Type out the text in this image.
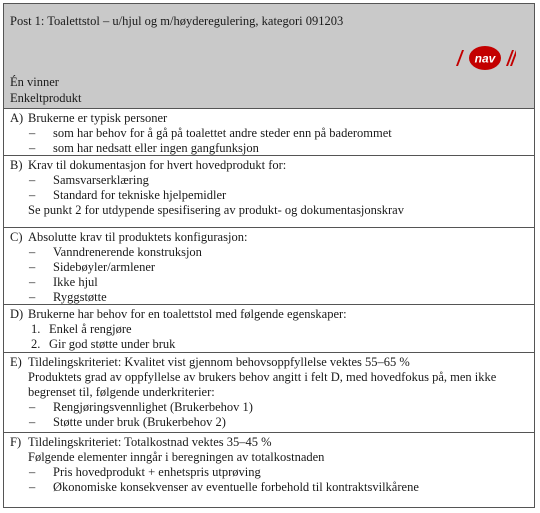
Post 1: Toalettstol – u/hjul og m/høyderegulering, kategori 091203
nav
Én vinner
Enkeltprodukt
A) Brukerne er typisk personer
–	som har behov for å gå på toalettet andre steder enn på baderommet
–	som har nedsatt eller ingen gangfunksjon
B) Krav til dokumentasjon for hvert hovedprodukt for:
–	Samsvarserklæring
–	Standard for tekniske hjelpemidler
Se punkt 2 for utdypende spesifisering av produkt- og dokumentasjonskrav
C) Absolutte krav til produktets konfigurasjon:
–	Vanndrenerende konstruksjon
–	Sidebøyler/armlener
–	Ikke hjul
–	Ryggstøtte
D) Brukerne har behov for en toalettstol med følgende egenskaper:
1. Enkel å rengjøre
2. Gir god støtte under bruk
E) Tildelingskriteriet: Kvalitet vist gjennom behovsoppfyllelse vektes 55–65 %
Produktets grad av oppfyllelse av brukers behov angitt i felt D, med hovedfokus på, men ikke
begrenset til, følgende underkriterier:
–	Rengjøringsvennlighet (Brukerbehov 1)
–	Støtte under bruk (Brukerbehov 2)
F) Tildelingskriteriet: Totalkostnad vektes 35–45 %
Følgende elementer inngår i beregningen av totalkostnaden
–	Pris hovedprodukt + enhetspris utprøving
–	Økonomiske konsekvenser av eventuelle forbehold til kontraktsvilkårene
